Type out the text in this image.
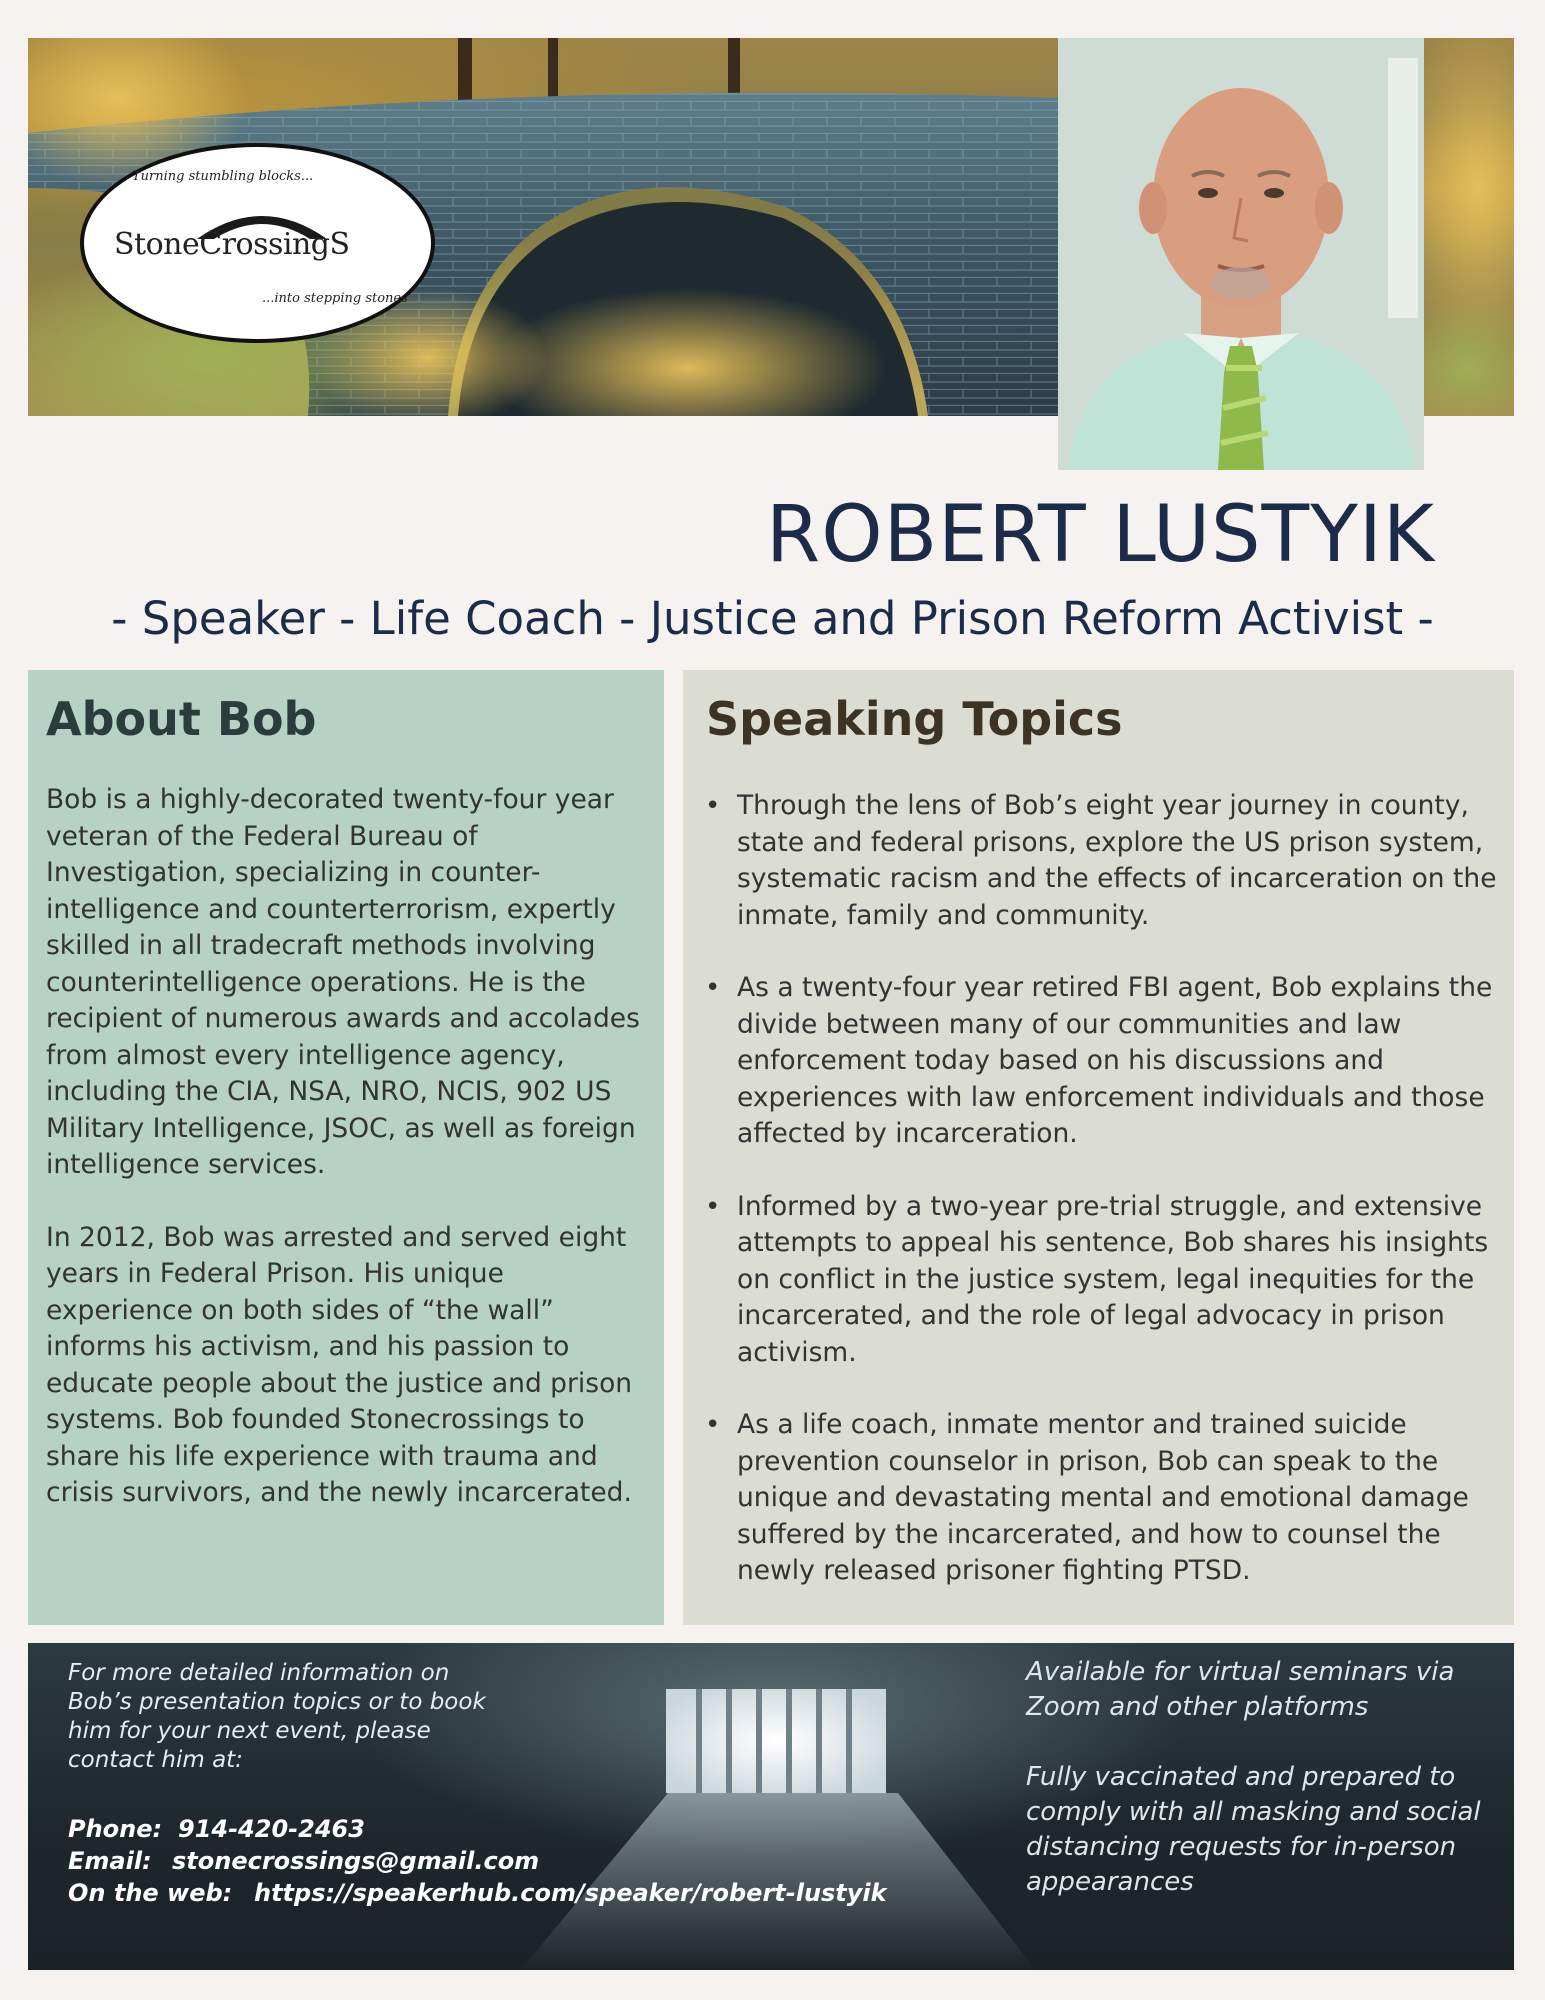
Turning stumbling blocks...
StoneCrossingS
...into stepping stones
ROBERT LUSTYIK
- Speaker - Life Coach - Justice and Prison Reform Activist -
About Bob

Bob is a highly-decorated twenty-four year veteran of the Federal Bureau of Investigation, specializing in counter-intelligence and counterterrorism, expertly skilled in all tradecraft methods involving counterintelligence operations. He is the recipient of numerous awards and accolades from almost every intelligence agency, including the CIA, NSA, NRO, NCIS, 902 US Military Intelligence, JSOC, as well as foreign intelligence services.

In 2012, Bob was arrested and served eight years in Federal Prison. His unique experience on both sides of “the wall” informs his activism, and his passion to educate people about the justice and prison systems. Bob founded Stonecrossings to share his life experience with trauma and crisis survivors, and the newly incarcerated.

Speaking Topics
• Through the lens of Bob’s eight year journey in county, state and federal prisons, explore the US prison system, systematic racism and the effects of incarceration on the inmate, family and community.
• As a twenty-four year retired FBI agent, Bob explains the divide between many of our communities and law enforcement today based on his discussions and experiences with law enforcement individuals and those affected by incarceration.
• Informed by a two-year pre-trial struggle, and extensive attempts to appeal his sentence, Bob shares his insights on conflict in the justice system, legal inequities for the incarcerated, and the role of legal advocacy in prison activism.
• As a life coach, inmate mentor and trained suicide prevention counselor in prison, Bob can speak to the unique and devastating mental and emotional damage suffered by the incarcerated, and how to counsel the newly released prisoner fighting PTSD.
For more detailed information on Bob’s presentation topics or to book him for your next event, please contact him at:
Phone: 914-420-2463
Email: stonecrossings@gmail.com
On the web: https://speakerhub.com/speaker/robert-lustyik

Available for virtual seminars via Zoom and other platforms

Fully vaccinated and prepared to comply with all masking and social distancing requests for in-person appearances
